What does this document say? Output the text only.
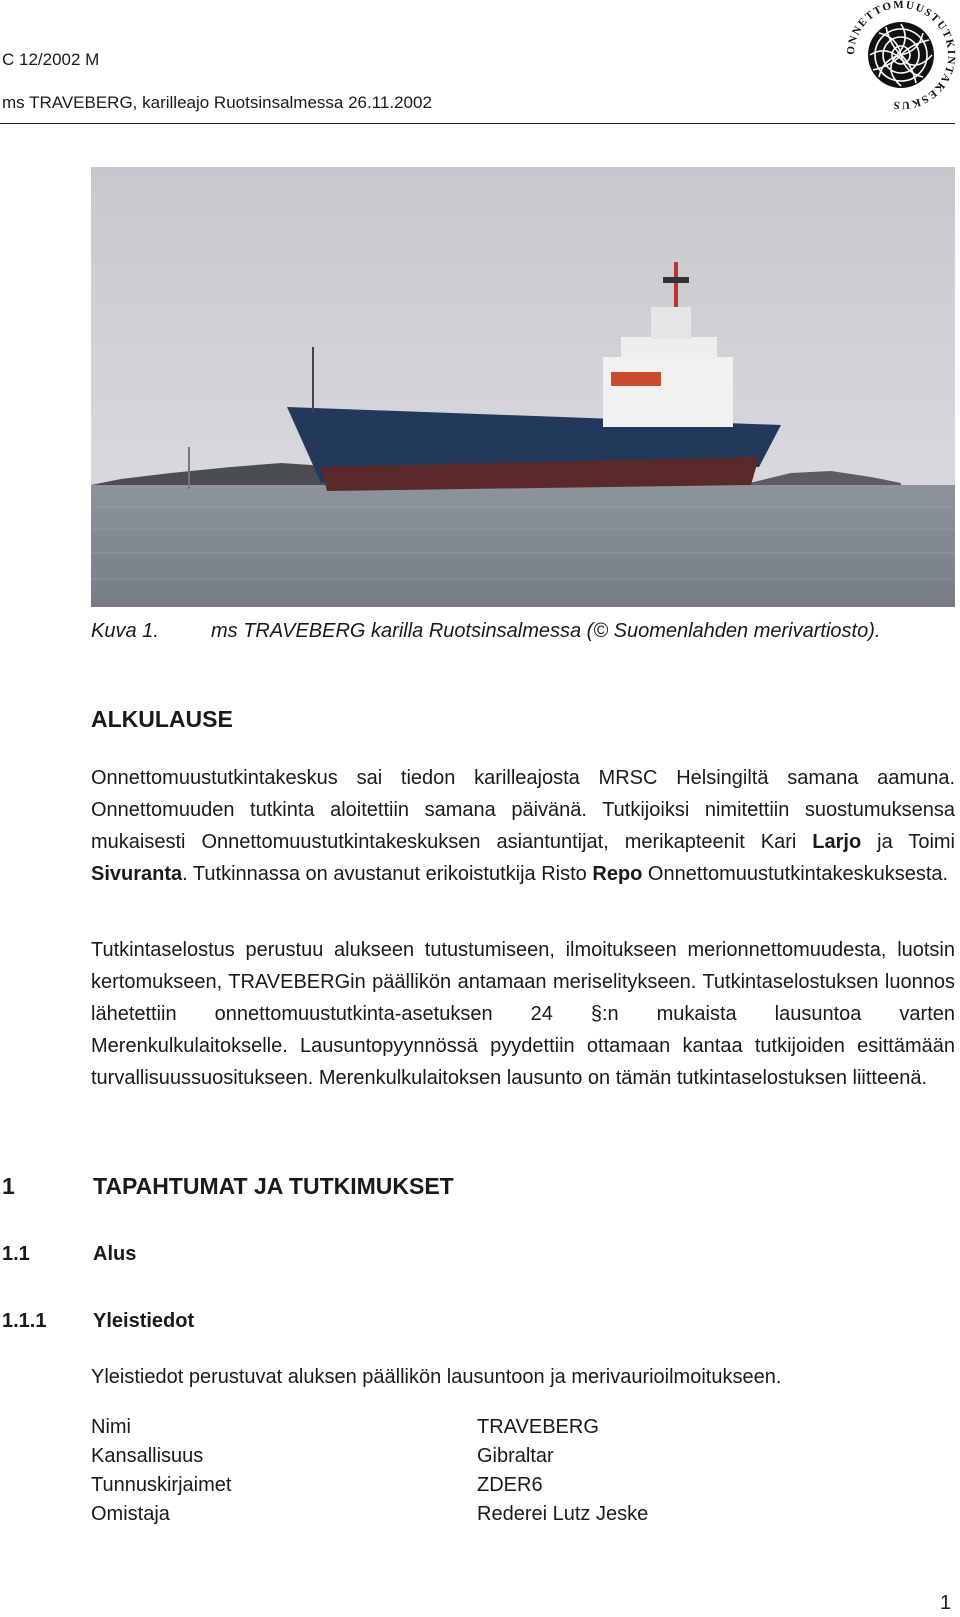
C 12/2002 M
ms TRAVEBERG, karilleajo Ruotsinsalmessa 26.11.2002
ONNETTOMUUSTUTKINTAKESKUS
Kuva 1.	ms TRAVEBERG karilla Ruotsinsalmessa (© Suomenlahden merivartiosto).
ALKULAUSE
Onnettomuustutkintakeskus sai tiedon karilleajosta MRSC Helsingiltä samana aamuna. Onnettomuuden tutkinta aloitettiin samana päivänä. Tutkijoiksi nimitettiin suostumuksensa mukaisesti Onnettomuustutkintakeskuksen asiantuntijat, merikapteenit Kari Larjo ja Toimi Sivuranta. Tutkinnassa on avustanut erikoistutkija Risto Repo Onnettomuustutkintakeskuksesta.
Tutkintaselostus perustuu alukseen tutustumiseen, ilmoitukseen merionnettomuudesta, luotsin kertomukseen, TRAVEBERGin päällikön antamaan meriselitykseen. Tutkintaselostuksen luonnos lähetettiin onnettomuustutkinta-asetuksen 24 §:n mukaista lausuntoa varten Merenkulkulaitokselle. Lausuntopyynnössä pyydettiin ottamaan kantaa tutkijoiden esittämään turvallisuussuositukseen. Merenkulkulaitoksen lausunto on tämän tutkintaselostuksen liitteenä.
1	TAPAHTUMAT JA TUTKIMUKSET
1.1	Alus
1.1.1 Yleistiedot
Yleistiedot perustuvat aluksen päällikön lausuntoon ja merivaurioilmoitukseen.
Nimi	TRAVEBERG
Kansallisuus	Gibraltar
Tunnuskirjaimet	ZDER6
Omistaja	Rederei Lutz Jeske
1
